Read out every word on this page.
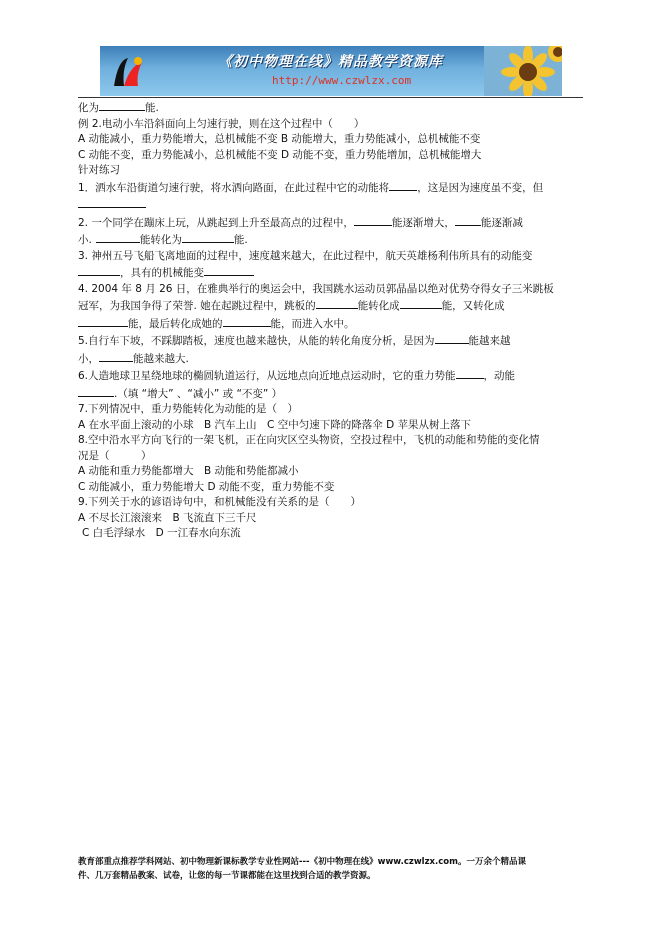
《初中物理在线》精品教学资源库
http://www.czwlzx.com
化为	能.
例 2.电动小车沿斜面向上匀速行驶，则在这个过程中（　　）
A 动能减小，重力势能增大，总机械能不变 B 动能增大，重力势能减小，总机械能不变
C 动能不变，重力势能减小，总机械能不变 D 动能不变，重力势能增加，总机械能增大
针对练习
1．洒水车沿街道匀速行驶，将水洒向路面，在此过程中它的动能将	，这是因为速度虽不变，但
2. 一个同学在蹦床上玩，从跳起到上升至最高点的过程中，	能逐渐增大， 能逐渐减
小.	能转化为	能.
3. 神州五号飞船飞离地面的过程中，速度越来越大，在此过程中，航天英雄杨利伟所具有的动能变
，具有的机械能变
4. 2004 年 8 月 26 日，在雅典举行的奥运会中，我国跳水运动员郭晶晶以绝对优势夺得女子三米跳板
冠军，为我国争得了荣誉. 她在起跳过程中，跳板的	能转化成	能，又转化成
能，最后转化成她的	能，而进入水中。
5.自行车下坡，不踩脚踏板，速度也越来越快，从能的转化角度分析，是因为	能越来越
小，	能越来越大.
6.人造地球卫星绕地球的椭圆轨道运行，从远地点向近地点运动时，它的重力势能	，动能
.（填 “增大” 、“减小” 或 “不变” ）
7.下列情况中，重力势能转化为动能的是（　）
A 在水平面上滚动的小球　B 汽车上山　C 空中匀速下降的降落伞 D 苹果从树上落下
8.空中沿水平方向飞行的一架飞机，正在向灾区空头物资，空投过程中，飞机的动能和势能的变化情
况是（　　　）
A 动能和重力势能都增大　B 动能和势能都减小
C 动能减小，重力势能增大 D 动能不变，重力势能不变
9.下列关于水的谚语诗句中，和机械能没有关系的是（　　）
A 不尽长江滚滚来　B 飞流直下三千尺
C 白毛浮绿水　D 一江春水向东流
教育部重点推荐学科网站、初中物理新课标教学专业性网站---《初中物理在线》www.czwlzx.com。一万余个精品课
件、几万套精品教案、试卷，让您的每一节课都能在这里找到合适的教学资源。
